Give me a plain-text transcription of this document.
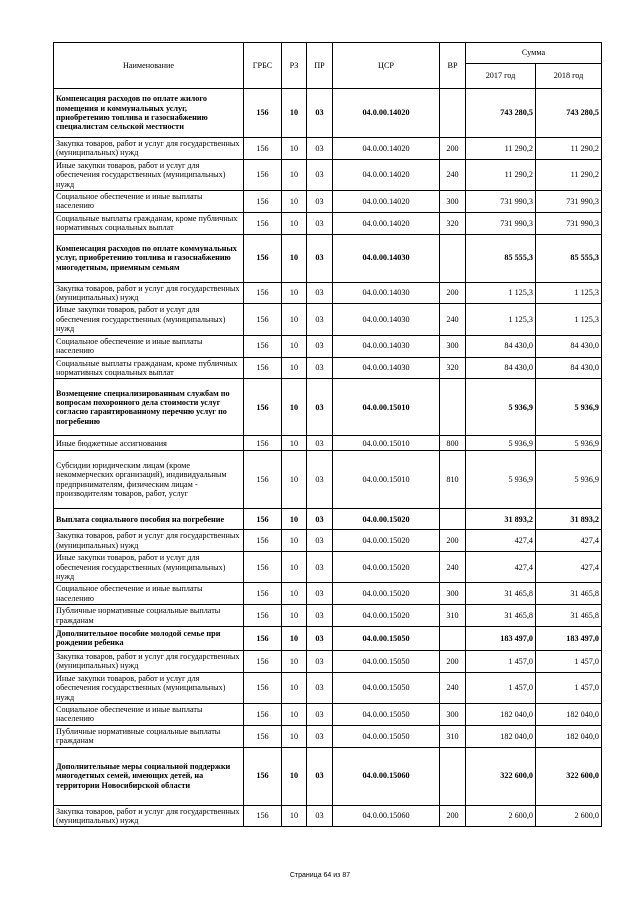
Наименование	ГРБС	РЗ	ПР	ЦСР	ВР	Сумма	
						2017 год	2018 год
Компенсация расходов по оплате жилого помещения и коммунальных услуг, приобретению топлива и газоснабжению специалистам сельской местности	156	10	03	04.0.00.14020		743 280,5	743 280,5
Закупка товаров, работ и услуг для государственных (муниципальных) нужд	156	10	03	04.0.00.14020	200	11 290,2	11 290,2
Иные закупки товаров, работ и услуг для обеспечения государственных (муниципальных) нужд	156	10	03	04.0.00.14020	240	11 290,2	11 290,2
Социальное обеспечение и иные выплаты населению	156	10	03	04.0.00.14020	300	731 990,3	731 990,3
Социальные выплаты гражданам, кроме публичных нормативных социальных выплат	156	10	03	04.0.00.14020	320	731 990,3	731 990,3
Компенсация расходов по оплате коммунальных услуг, приобретению топлива и газоснабжению многодетным, приемным семьям	156	10	03	04.0.00.14030		85 555,3	85 555,3
Закупка товаров, работ и услуг для государственных (муниципальных) нужд	156	10	03	04.0.00.14030	200	1 125,3	1 125,3
Иные закупки товаров, работ и услуг для обеспечения государственных (муниципальных) нужд	156	10	03	04.0.00.14030	240	1 125,3	1 125,3
Социальное обеспечение и иные выплаты населению	156	10	03	04.0.00.14030	300	84 430,0	84 430,0
Социальные выплаты гражданам, кроме публичных нормативных социальных выплат	156	10	03	04.0.00.14030	320	84 430,0	84 430,0
Возмещение специализированным службам по вопросам похоронного дела стоимости услуг согласно гарантированному перечню услуг по погребению	156	10	03	04.0.00.15010		5 936,9	5 936,9
Иные бюджетные ассигнования	156	10	03	04.0.00.15010	800	5 936,9	5 936,9
Субсидии юридическим лицам (кроме некоммерческих организаций), индивидуальным предпринимателям, физическим лицам - производителям товаров, работ, услуг	156	10	03	04.0.00.15010	810	5 936,9	5 936,9
Выплата социального пособия на погребение	156	10	03	04.0.00.15020		31 893,2	31 893,2
Закупка товаров, работ и услуг для государственных (муниципальных) нужд	156	10	03	04.0.00.15020	200	427,4	427,4
Иные закупки товаров, работ и услуг для обеспечения государственных (муниципальных) нужд	156	10	03	04.0.00.15020	240	427,4	427,4
Социальное обеспечение и иные выплаты населению	156	10	03	04.0.00.15020	300	31 465,8	31 465,8
Публичные нормативные социальные выплаты гражданам	156	10	03	04.0.00.15020	310	31 465,8	31 465,8
Дополнительное пособие молодой семье при рождении ребенка	156	10	03	04.0.00.15050		183 497,0	183 497,0
Закупка товаров, работ и услуг для государственных (муниципальных) нужд	156	10	03	04.0.00.15050	200	1 457,0	1 457,0
Иные закупки товаров, работ и услуг для обеспечения государственных (муниципальных) нужд	156	10	03	04.0.00.15050	240	1 457,0	1 457,0
Социальное обеспечение и иные выплаты населению	156	10	03	04.0.00.15050	300	182 040,0	182 040,0
Публичные нормативные социальные выплаты гражданам	156	10	03	04.0.00.15050	310	182 040,0	182 040,0
Дополнительные меры социальной поддержки многодетных семей, имеющих детей, на территории Новосибирской области	156	10	03	04.0.00.15060		322 600,0	322 600,0
Закупка товаров, работ и услуг для государственных (муниципальных) нужд	156	10	03	04.0.00.15060	200	2 600,0	2 600,0
Страница 64 из 87
